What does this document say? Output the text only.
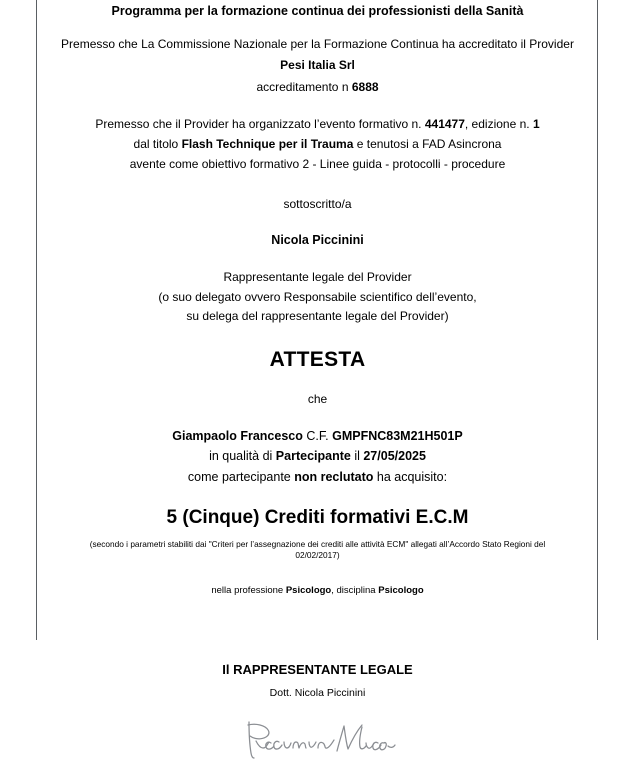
Programma per la formazione continua dei professionisti della Sanità
Premesso che La Commissione Nazionale per la Formazione Continua ha accreditato il Provider
Pesi Italia Srl
accreditamento n 6888
Premesso che il Provider ha organizzato l’evento formativo n. 441477, edizione n. 1
dal titolo Flash Technique per il Trauma e tenutosi a FAD Asincrona
avente come obiettivo formativo 2 - Linee guida - protocolli - procedure
sottoscritto/a
Nicola Piccinini
Rappresentante legale del Provider
(o suo delegato ovvero Responsabile scientifico dell’evento,
su delega del rappresentante legale del Provider)
ATTESTA
che
Giampaolo Francesco C.F. GMPFNC83M21H501P
in qualità di Partecipante il 27/05/2025
come partecipante non reclutato ha acquisito:
5 (Cinque) Crediti formativi E.C.M
(secondo i parametri stabiliti dai "Criteri per l’assegnazione dei crediti alle attività ECM" allegati all’Accordo Stato Regioni del
02/02/2017)
nella professione Psicologo, disciplina Psicologo
Il RAPPRESENTANTE LEGALE
Dott. Nicola Piccinini
